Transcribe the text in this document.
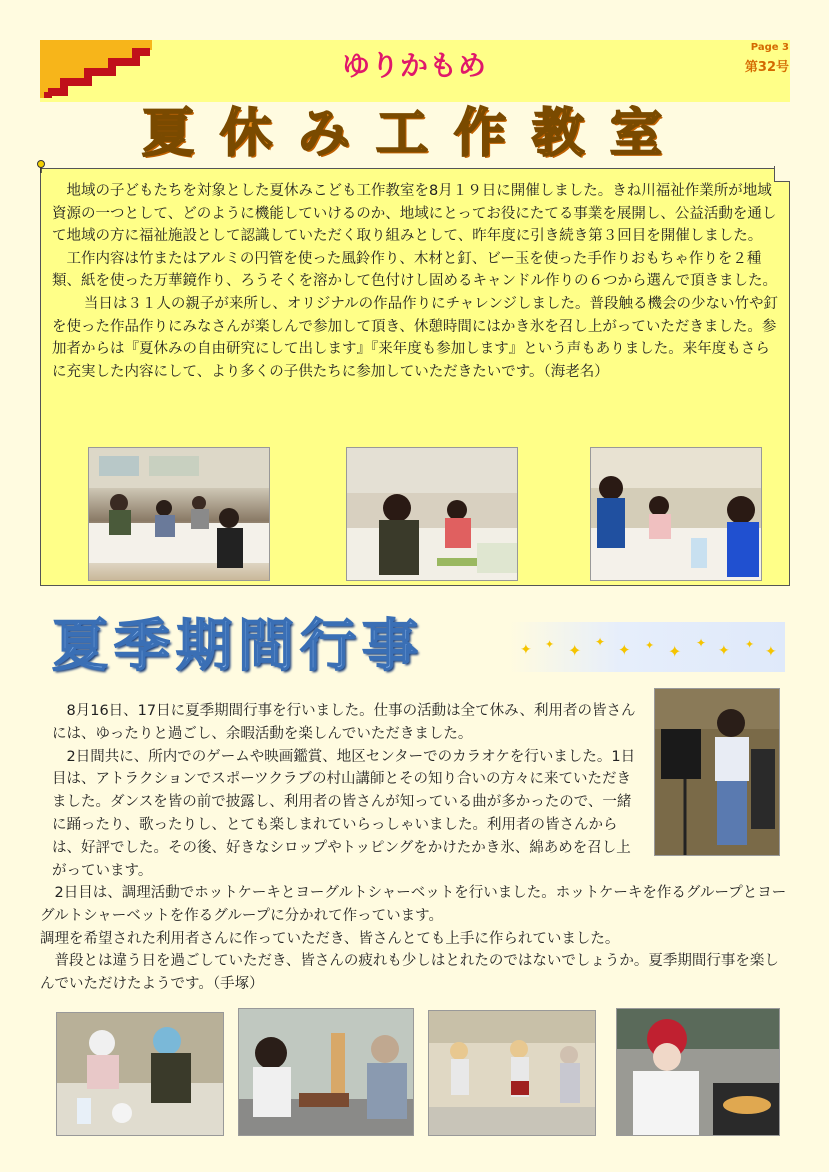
ゆりかもめ
Page 3
第32号
夏休み工作教室

地域の子どもたちを対象とした夏休みこども工作教室を8月１９日に開催しました。きね川福祉作業所が地域資源の一つとして、どのように機能していけるのか、地域にとってお役にたてる事業を展開し、公益活動を通して地域の方に福祉施設として認識していただく取り組みとして、昨年度に引き続き第３回目を開催しました。

工作内容は竹またはアルミの円管を使った風鈴作り、木材と釘、ビー玉を使った手作りおもちゃ作りを２種類、紙を使った万華鏡作り、ろうそくを溶かして色付けし固めるキャンドル作りの６つから選んで頂きました。

当日は３１人の親子が来所し、オリジナルの作品作りにチャレンジしました。普段触る機会の少ない竹や釘を使った作品作りにみなさんが楽しんで参加して頂き、休憩時間にはかき氷を召し上がっていただきました。参加者からは『夏休みの自由研究にして出します』『来年度も参加します』という声もありました。来年度もさらに充実した内容にして、より多くの子供たちに参加していただきたいです。（海老名）

✦ ✦ ✦ ✦ ✦ ✦ ✦ ✦ ✦ ✦ ✦
夏季期間行事

8月16日、17日に夏季期間行事を行いました。仕事の活動は全て休み、利用者の皆さんには、ゆったりと過ごし、余暇活動を楽しんでいただきました。

2日間共に、所内でのゲームや映画鑑賞、地区センターでのカラオケを行いました。1日目は、アトラクションでスポーツクラブの村山講師とその知り合いの方々に来ていただきました。ダンスを皆の前で披露し、利用者の皆さんが知っている曲が多かったので、一緒に踊ったり、歌ったりし、とても楽しまれていらっしゃいました。利用者の皆さんからは、好評でした。その後、好きなシロップやトッピングをかけたかき氷、綿あめを召し上がっています。

2日目は、調理活動でホットケーキとヨーグルトシャーベットを行いました。ホットケーキを作るグループとヨーグルトシャーベットを作るグループに分かれて作っています。

調理を希望された利用者さんに作っていただき、皆さんとても上手に作られていました。

普段とは違う日を過ごしていただき、皆さんの疲れも少しはとれたのではないでしょうか。夏季期間行事を楽しんでいただけたようです。（手塚）
